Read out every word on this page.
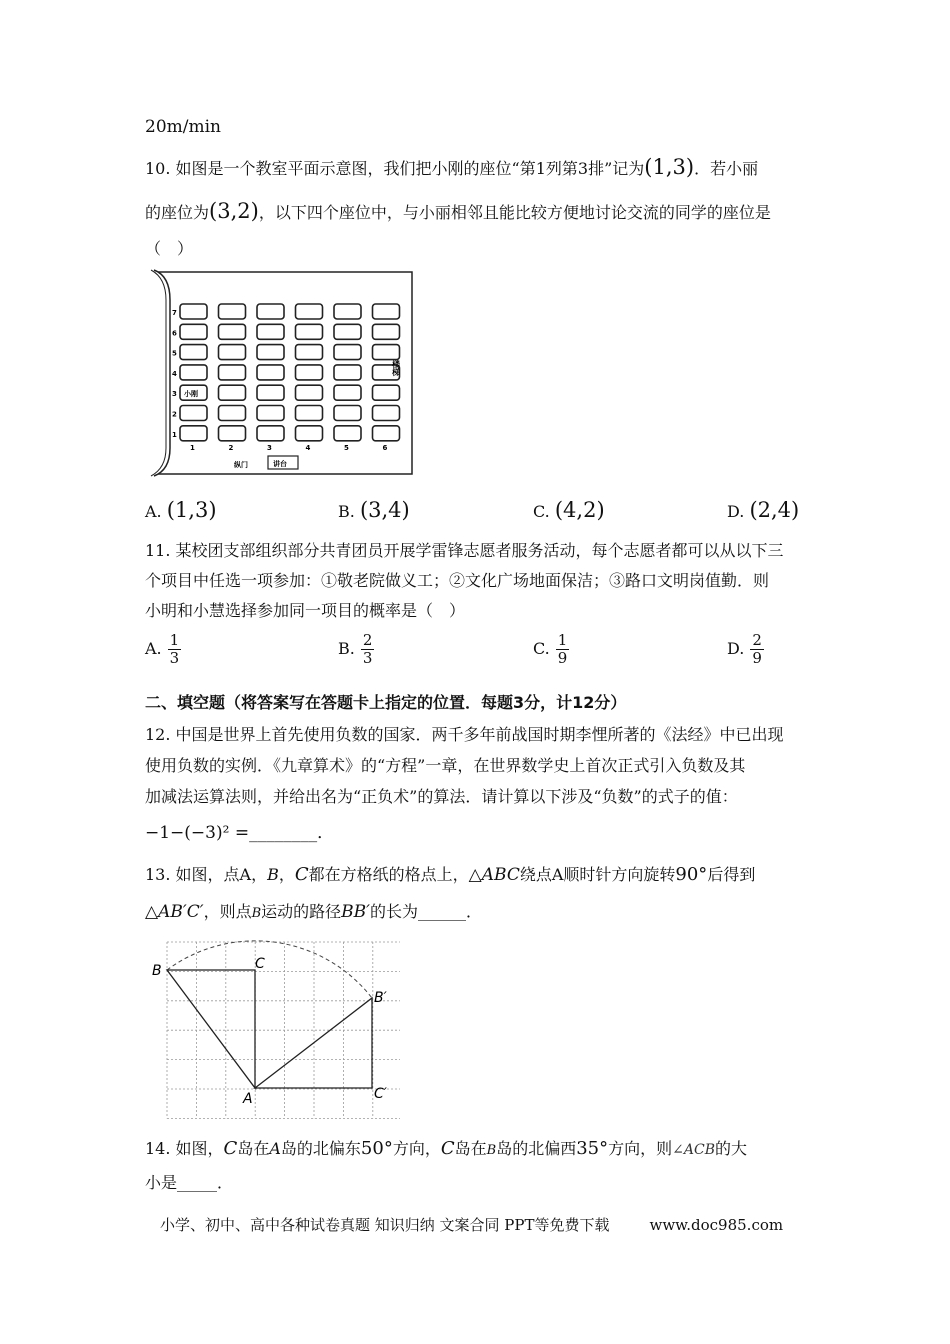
20m/min
10. 如图是一个教室平面示意图，我们把小刚的座位“第1列第3排”记为(1,3)．若小丽
的座位为(3,2)，以下四个座位中，与小丽相邻且能比较方便地讨论交流的同学的座位是
（　）
7
6
5
4
3 小刚
2
1
1	2	3	4	5	6
楼梯
纵门	讲台
A. (1,3)	B. (3,4)	C. (4,2)	D. (2,4)
11. 某校团支部组织部分共青团员开展学雷锋志愿者服务活动，每个志愿者都可以从以下三
个项目中任选一项参加：①敬老院做义工；②文化广场地面保洁；③路口文明岗值勤．则
小明和小慧选择参加同一项目的概率是（　）
A. $\frac{1}{3}$	B. $\frac{2}{3}$	C. $\frac{1}{9}$	D. $\frac{2}{9}$
二、填空题（将答案写在答题卡上指定的位置．每题3分，计12分）
12. 中国是世界上首先使用负数的国家．两千多年前战国时期李悝所著的《法经》中已出现
使用负数的实例．《九章算术》的“方程”一章，在世界数学史上首次正式引入负数及其
加减法运算法则，并给出名为“正负术”的算法．请计算以下涉及“负数”的式子的值：
−1−(−3)² =________．
13. 如图，点A，B，C都在方格纸的格点上，△ABC绕点A顺时针方向旋转90°后得到
△AB′C′，则点B运动的路径BB′的长为______．
B	C
A
B′
C′
14. 如图，C岛在A岛的北偏东50°方向，C岛在B岛的北偏西35°方向，则∠ACB的大
小是_____．
小学、初中、高中各种试卷真题 知识归纳 文案合同 PPT等免费下载	www.doc985.com
